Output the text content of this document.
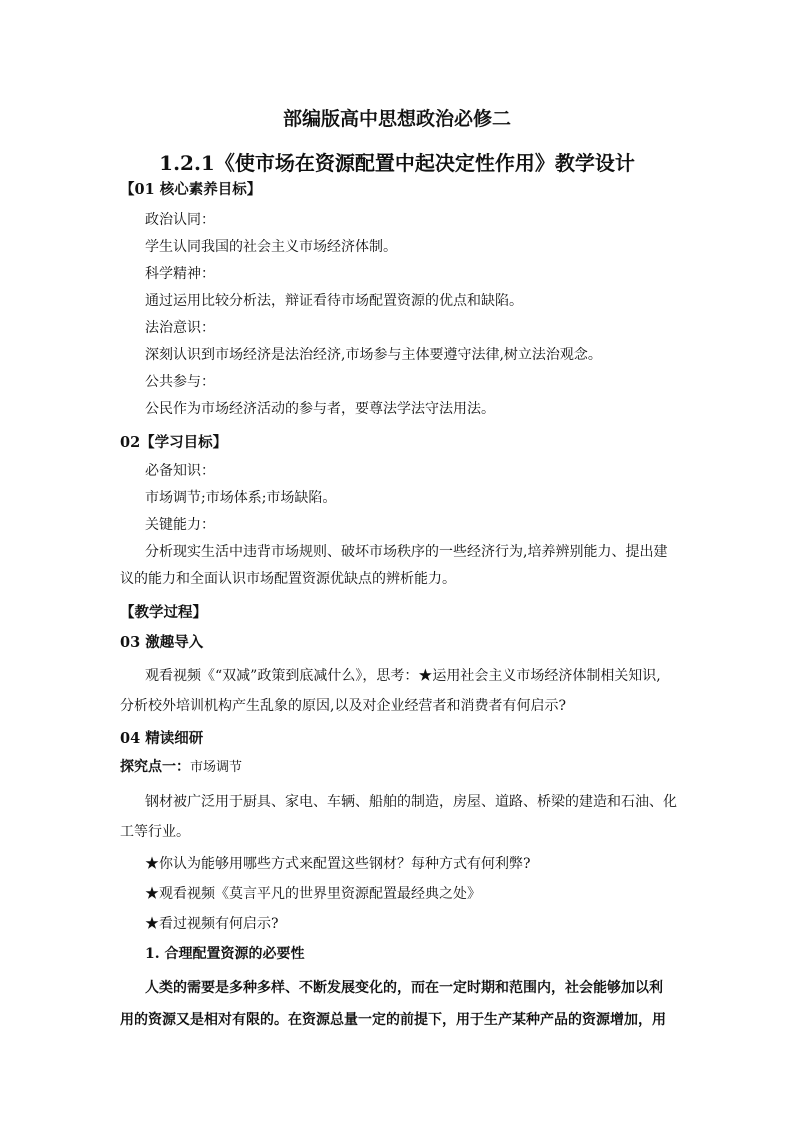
部编版高中思想政治必修二
1.2.1《使市场在资源配置中起决定性作用》教学设计
【01 核心素养目标】
政治认同：
学生认同我国的社会主义市场经济体制。
科学精神：
通过运用比较分析法，辩证看待市场配置资源的优点和缺陷。
法治意识：
深刻认识到市场经济是法治经济,市场参与主体要遵守法律,树立法治观念。
公共参与：
公民作为市场经济活动的参与者，要尊法学法守法用法。
02【学习目标】
必备知识：
市场调节;市场体系;市场缺陷。
关键能力：
分析现实生活中违背市场规则、破坏市场秩序的一些经济行为,培养辨别能力、提出建
议的能力和全面认识市场配置资源优缺点的辨析能力。
【教学过程】
03 激趣导入
观看视频《“双减”政策到底减什么》，思考：★运用社会主义市场经济体制相关知识,
分析校外培训机构产生乱象的原因,以及对企业经营者和消费者有何启示?
04 精读细研
探究点一：市场调节
钢材被广泛用于厨具、家电、车辆、船舶的制造，房屋、道路、桥梁的建造和石油、化
工等行业。
★你认为能够用哪些方式来配置这些钢材？每种方式有何利弊?
★观看视频《莫言平凡的世界里资源配置最经典之处》
★看过视频有何启示?
1. 合理配置资源的必要性
人类的需要是多种多样、不断发展变化的，而在一定时期和范围内，社会能够加以利
用的资源又是相对有限的。在资源总量一定的前提下，用于生产某种产品的资源增加，用
